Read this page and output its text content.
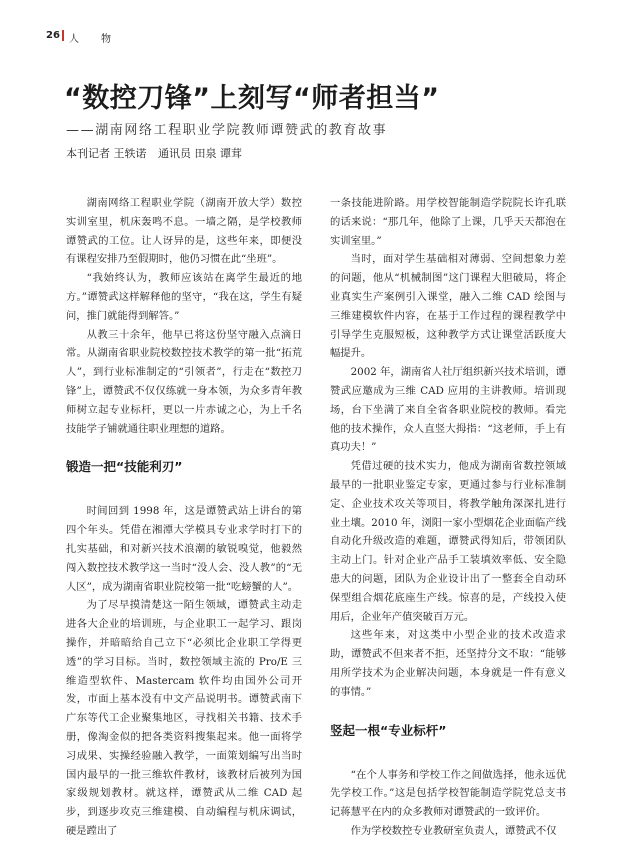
26 人物
“数控刀锋”上刻写“师者担当”
——湖南网络工程职业学院教师谭赞武的教育故事
本刊记者 王轶诺 通讯员 田泉 谭茸

湖南网络工程职业学院（湖南开放大学）数控实训室里，机床轰鸣不息。一墙之隔，是学校教师谭赞武的工位。让人讶异的是，这些年来，即便没有课程安排乃至假期时，他仍习惯在此“坐班”。

“我始终认为，教师应该站在离学生最近的地方。”谭赞武这样解释他的坚守，“我在这，学生有疑问，推门就能得到解答。”

从教三十余年，他早已将这份坚守融入点滴日常。从湖南省职业院校数控技术教学的第一批“拓荒人”，到行业标准制定的“引领者”，行走在“数控刀锋”上，谭赞武不仅仅练就一身本领，为众多青年教师树立起专业标杆，更以一片赤诚之心，为上千名技能学子铺就通往职业理想的道路。

锻造一把“技能利刃”

时间回到 1998 年，这是谭赞武站上讲台的第四个年头。凭借在湘潭大学模具专业求学时打下的扎实基础，和对新兴技术浪潮的敏锐嗅觉，他毅然闯入数控技术教学这一当时“没人会、没人教”的“无人区”，成为湖南省职业院校第一批“吃螃蟹的人”。

为了尽早摸清楚这一陌生领域，谭赞武主动走进各大企业的培训班，与企业职工一起学习、跟岗操作，并暗暗给自己立下“必须比企业职工学得更透”的学习目标。当时，数控领域主流的 Pro/E 三维造型软件、Mastercam 软件均由国外公司开发，市面上基本没有中文产品说明书。谭赞武南下广东等代工企业聚集地区，寻找相关书籍、技术手册，像淘金似的把各类资料搜集起来。他一面将学习成果、实操经验融入教学，一面策划编写出当时国内最早的一批三维软件教材，该教材后被列为国家级规划教材。就这样，谭赞武从二维 CAD 起步，到逐步攻克三维建模、自动编程与机床调试，硬是蹚出了

一条技能进阶路。用学校智能制造学院院长许孔联的话来说：“那几年，他除了上课，几乎天天都泡在实训室里。”

当时，面对学生基础相对薄弱、空间想象力差的问题，他从“机械制图”这门课程大胆破局，将企业真实生产案例引入课堂，融入二维 CAD 绘图与三维建模软件内容，在基于工作过程的课程教学中引导学生克服短板，这种教学方式让课堂活跃度大幅提升。

2002 年，湖南省人社厅组织新兴技术培训，谭赞武应邀成为三维 CAD 应用的主讲教师。培训现场，台下坐满了来自全省各职业院校的教师。看完他的技术操作，众人直竖大拇指：“这老师，手上有真功夫！”

凭借过硬的技术实力，他成为湖南省数控领域最早的一批职业鉴定专家，更通过参与行业标准制定、企业技术攻关等项目，将教学触角深深扎进行业土壤。2010 年，浏阳一家小型烟花企业面临产线自动化升级改造的难题，谭赞武得知后，带领团队主动上门。针对企业产品手工装填效率低、安全隐患大的问题，团队为企业设计出了一整套全自动环保型组合烟花底座生产线。惊喜的是，产线投入使用后，企业年产值突破百万元。

这些年来，对这类中小型企业的技术改造求助，谭赞武不但来者不拒，还坚持分文不取：“能够用所学技术为企业解决问题，本身就是一件有意义的事情。”

竖起一根“专业标杆”

“在个人事务和学校工作之间做选择，他永远优先学校工作。”这是包括学校智能制造学院党总支书记蒋慧平在内的众多教师对谭赞武的一致评价。

作为学校数控专业教研室负责人，谭赞武不仅
